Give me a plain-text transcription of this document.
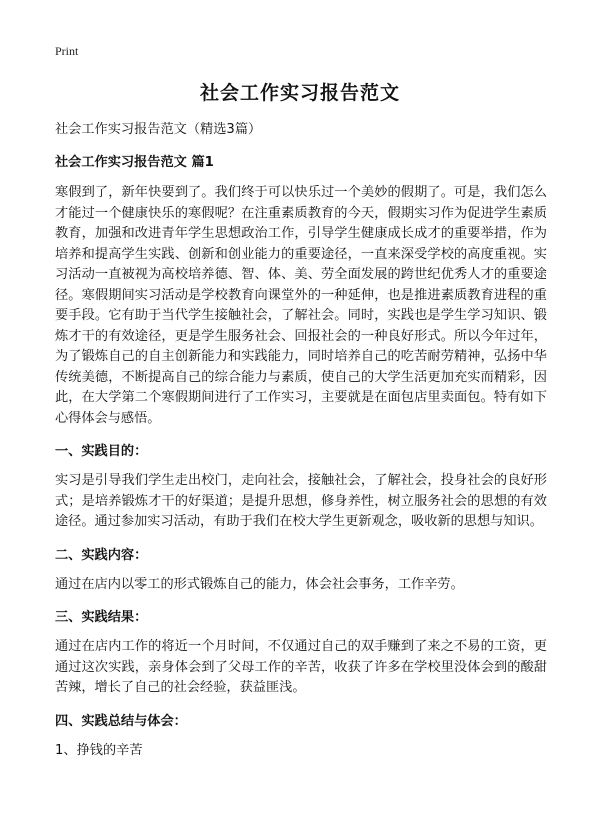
Print
社会工作实习报告范文

社会工作实习报告范文（精选3篇）

社会工作实习报告范文 篇1

寒假到了，新年快要到了。我们终于可以快乐过一个美妙的假期了。可是，我们怎么才能过一个健康快乐的寒假呢？在注重素质教育的今天，假期实习作为促进学生素质教育，加强和改进青年学生思想政治工作，引导学生健康成长成才的重要举措，作为培养和提高学生实践、创新和创业能力的重要途径，一直来深受学校的高度重视。实习活动一直被视为高校培养德、智、体、美、劳全面发展的跨世纪优秀人才的重要途径。寒假期间实习活动是学校教育向课堂外的一种延伸，也是推进素质教育进程的重要手段。它有助于当代学生接触社会，了解社会。同时，实践也是学生学习知识、锻炼才干的有效途径，更是学生服务社会、回报社会的一种良好形式。所以今年过年，为了锻炼自己的自主创新能力和实践能力，同时培养自己的吃苦耐劳精神，弘扬中华传统美德，不断提高自己的综合能力与素质，使自己的大学生活更加充实而精彩，因此，在大学第二个寒假期间进行了工作实习，主要就是在面包店里卖面包。特有如下心得体会与感悟。

一、实践目的：

实习是引导我们学生走出校门，走向社会，接触社会，了解社会，投身社会的良好形式；是培养锻炼才干的好渠道；是提升思想，修身养性，树立服务社会的思想的有效途径。通过参加实习活动，有助于我们在校大学生更新观念，吸收新的思想与知识。

二、实践内容：

通过在店内以零工的形式锻炼自己的能力，体会社会事务，工作辛劳。

三、实践结果：

通过在店内工作的将近一个月时间，不仅通过自己的双手赚到了来之不易的工资，更通过这次实践，亲身体会到了父母工作的辛苦，收获了许多在学校里没体会到的酸甜苦辣，增长了自己的社会经验，获益匪浅。

四、实践总结与体会：

1、挣钱的辛苦
